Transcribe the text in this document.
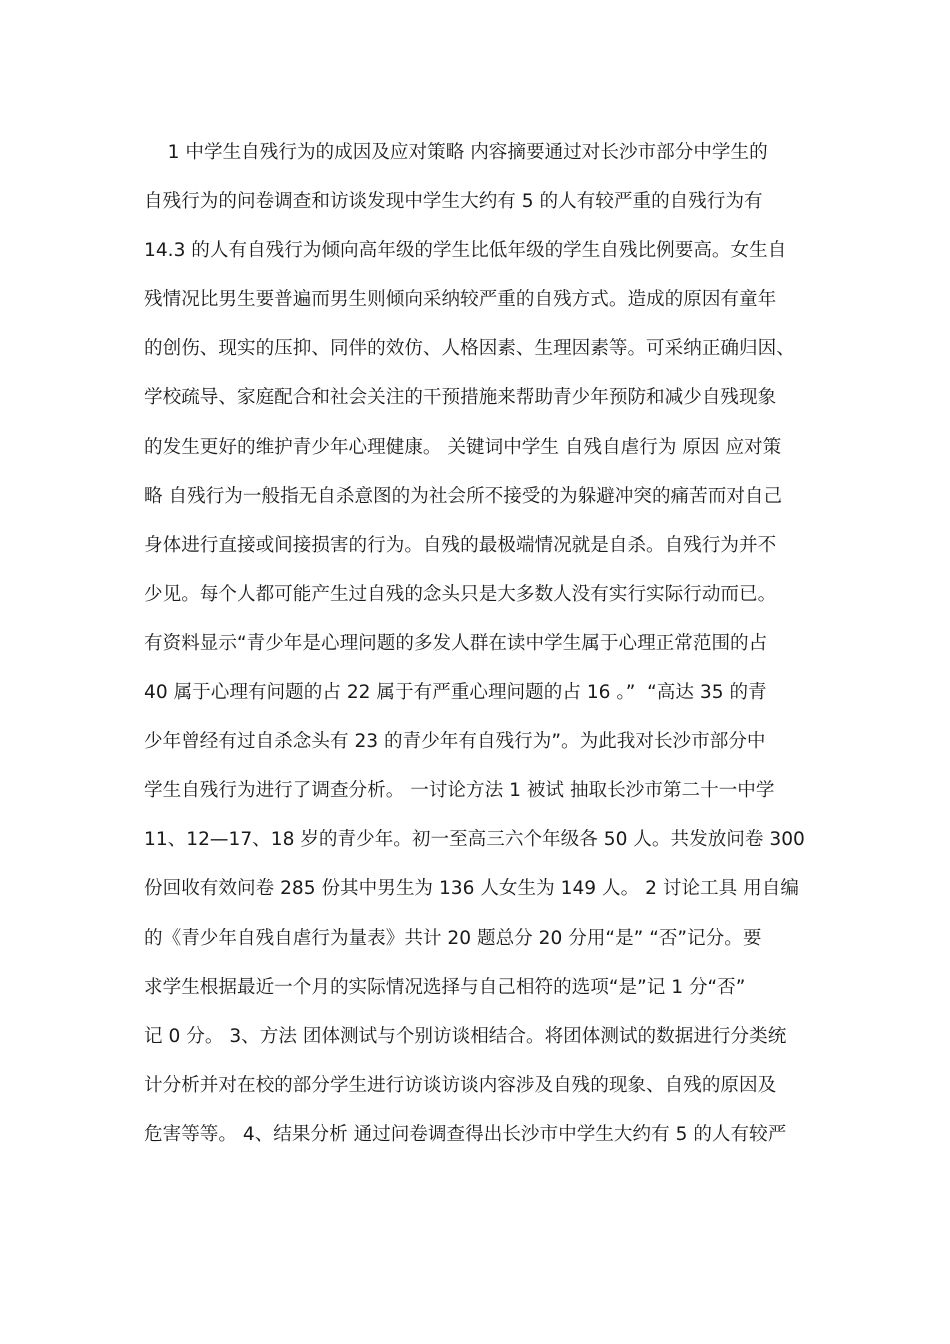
1 中学生自残行为的成因及应对策略 内容摘要通过对长沙市部分中学生的
自残行为的问卷调查和访谈发现中学生大约有 5 的人有较严重的自残行为有
14.3 的人有自残行为倾向高年级的学生比低年级的学生自残比例要高。女生自
残情况比男生要普遍而男生则倾向采纳较严重的自残方式。造成的原因有童年
的创伤、现实的压抑、同伴的效仿、人格因素、生理因素等。可采纳正确归因、
学校疏导、家庭配合和社会关注的干预措施来帮助青少年预防和减少自残现象
的发生更好的维护青少年心理健康。 关键词中学生 自残自虐行为 原因 应对策
略 自残行为一般指无自杀意图的为社会所不接受的为躲避冲突的痛苦而对自己
身体进行直接或间接损害的行为。自残的最极端情况就是自杀。自残行为并不
少见。每个人都可能产生过自残的念头只是大多数人没有实行实际行动而已。
有资料显示“青少年是心理问题的多发人群在读中学生属于心理正常范围的占
40 属于心理有问题的占 22 属于有严重心理问题的占 16 。”  “高达 35 的青
少年曾经有过自杀念头有 23 的青少年有自残行为”。为此我对长沙市部分中
学生自残行为进行了调查分析。 一讨论方法 1 被试 抽取长沙市第二十一中学
11、12—17、18 岁的青少年。初一至高三六个年级各 50 人。共发放问卷 300
份回收有效问卷 285 份其中男生为 136 人女生为 149 人。 2 讨论工具 用自编
的《青少年自残自虐行为量表》共计 20 题总分 20 分用“是” “否”记分。要
求学生根据最近一个月的实际情况选择与自己相符的选项“是”记 1 分“否”
记 0 分。 3、方法 团体测试与个别访谈相结合。将团体测试的数据进行分类统
计分析并对在校的部分学生进行访谈访谈内容涉及自残的现象、自残的原因及
危害等等。 4、结果分析 通过问卷调查得出长沙市中学生大约有 5 的人有较严
